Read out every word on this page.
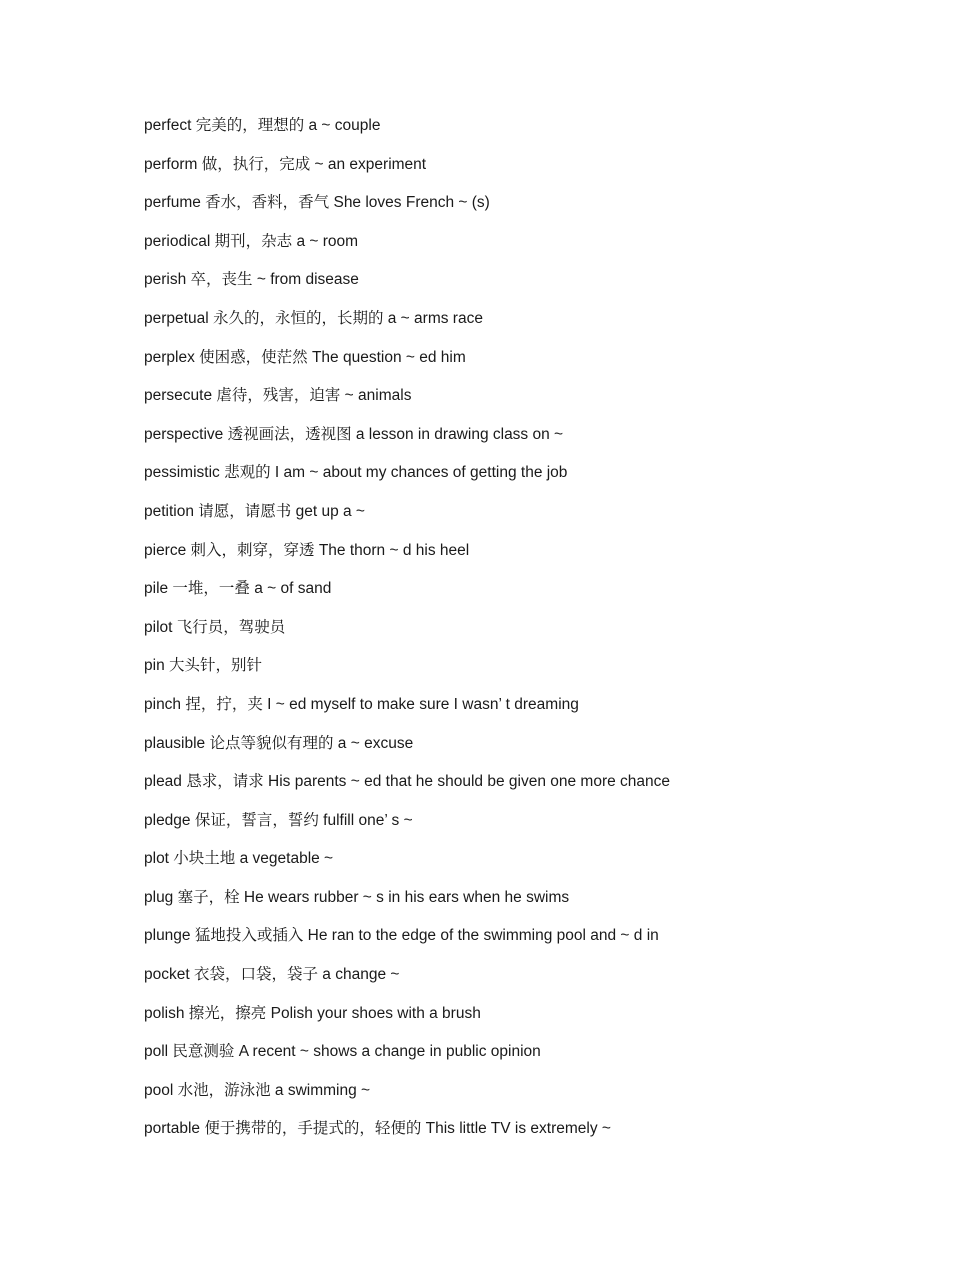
perfect 完美的，理想的 a ~ couple
perform 做，执行，完成 ~ an experiment
perfume 香水，香料，香气 She loves French ~ (s)
periodical 期刊，杂志 a ~ room
perish 卒，丧生 ~ from disease
perpetual 永久的，永恒的，长期的 a ~ arms race
perplex 使困惑，使茫然 The question ~ ed him
persecute 虐待，残害，迫害 ~ animals
perspective 透视画法，透视图 a lesson in drawing class on ~
pessimistic 悲观的 I am ~ about my chances of getting the job
petition 请愿，请愿书 get up a ~
pierce 刺入，刺穿，穿透 The thorn ~ d his heel
pile 一堆，一叠 a ~ of sand
pilot 飞行员，驾驶员
pin 大头针，别针
pinch 捏，拧，夹 I ~ ed myself to make sure I wasn’ t dreaming
plausible 论点等貌似有理的 a ~ excuse
plead 恳求，请求 His parents ~ ed that he should be given one more chance
pledge 保证，誓言，誓约 fulfill one’ s ~
plot 小块土地 a vegetable ~
plug 塞子，栓 He wears rubber ~ s in his ears when he swims
plunge 猛地投入或插入 He ran to the edge of the swimming pool and ~ d in
pocket 衣袋，口袋，袋子 a change ~
polish 擦光，擦亮 Polish your shoes with a brush
poll 民意测验 A recent ~ shows a change in public opinion
pool 水池，游泳池 a swimming ~
portable 便于携带的，手提式的，轻便的 This little TV is extremely ~
